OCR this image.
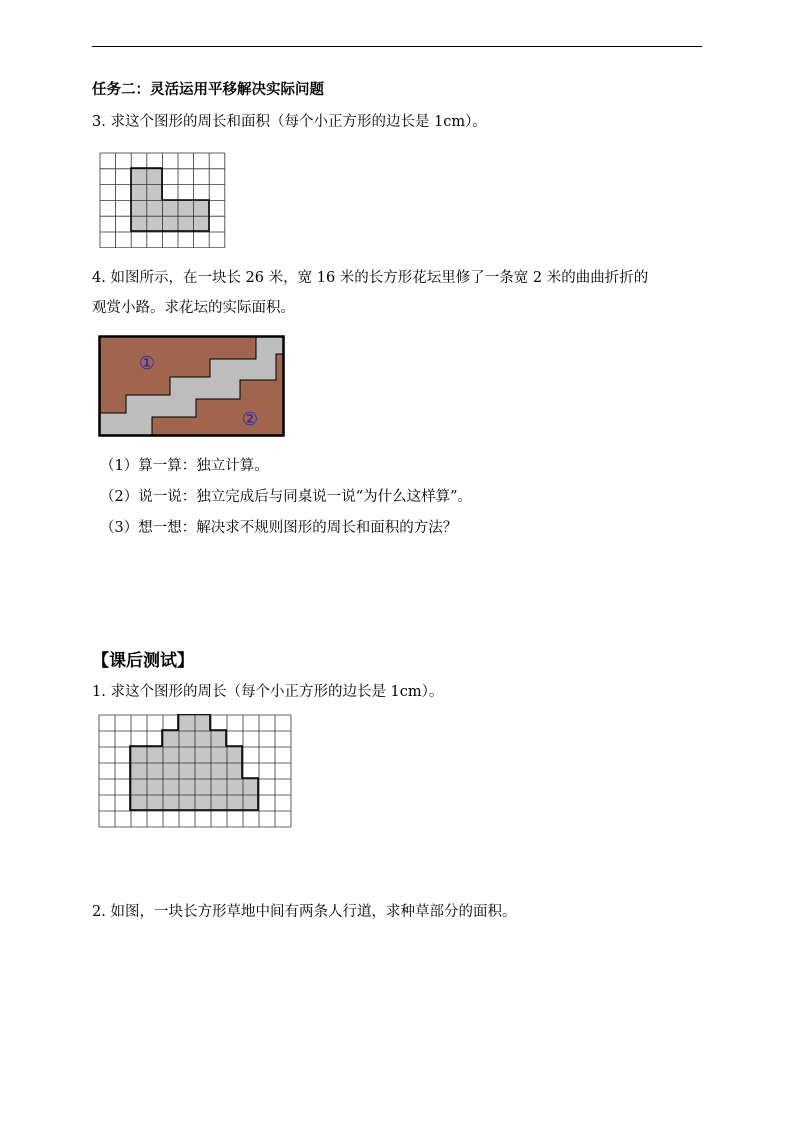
任务二：灵活运用平移解决实际问题
3. 求这个图形的周长和面积（每个小正方形的边长是 1cm）。
4. 如图所示，在一块长 26 米，宽 16 米的长方形花坛里修了一条宽 2 米的曲曲折折的
观赏小路。求花坛的实际面积。
①
②
（1）算一算：独立计算。
（2）说一说：独立完成后与同桌说一说“为什么这样算”。
（3）想一想：解决求不规则图形的周长和面积的方法？
【课后测试】
1. 求这个图形的周长（每个小正方形的边长是 1cm）。
2. 如图，一块长方形草地中间有两条人行道，求种草部分的面积。
